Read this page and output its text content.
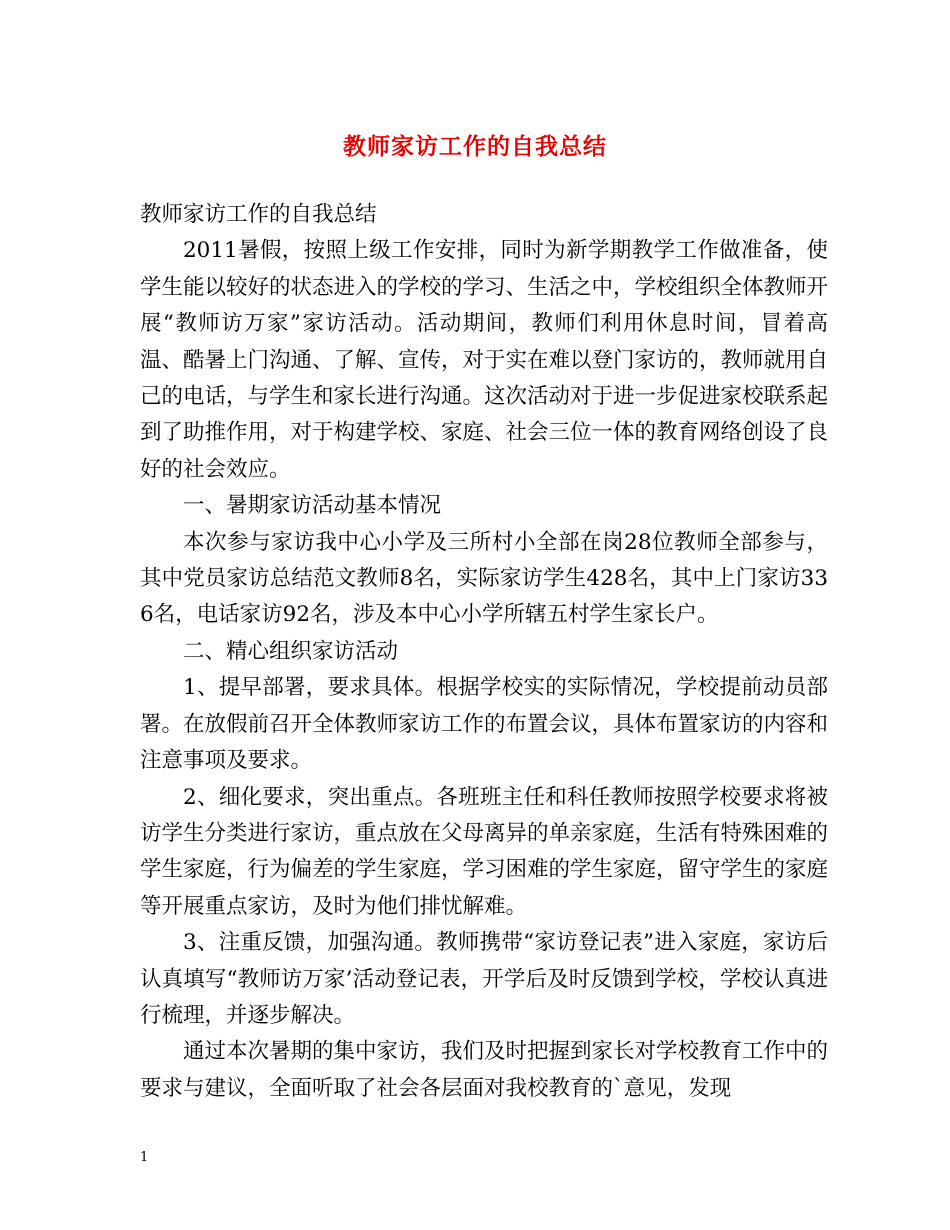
教师家访工作的自我总结

教师家访工作的自我总结

2011暑假，按照上级工作安排，同时为新学期教学工作做准备，使学生能以较好的状态进入的学校的学习、生活之中，学校组织全体教师开展“教师访万家”家访活动。活动期间，教师们利用休息时间，冒着高温、酷暑上门沟通、了解、宣传，对于实在难以登门家访的，教师就用自己的电话，与学生和家长进行沟通。这次活动对于进一步促进家校联系起到了助推作用，对于构建学校、家庭、社会三位一体的教育网络创设了良好的社会效应。

一、暑期家访活动基本情况

本次参与家访我中心小学及三所村小全部在岗28位教师全部参与，其中党员家访总结范文教师8名，实际家访学生428名，其中上门家访336名，电话家访92名，涉及本中心小学所辖五村学生家长户。

二、精心组织家访活动

1、提早部署，要求具体。根据学校实的实际情况，学校提前动员部署。在放假前召开全体教师家访工作的布置会议，具体布置家访的内容和注意事项及要求。

2、细化要求，突出重点。各班班主任和科任教师按照学校要求将被访学生分类进行家访，重点放在父母离异的单亲家庭，生活有特殊困难的学生家庭，行为偏差的学生家庭，学习困难的学生家庭，留守学生的家庭等开展重点家访，及时为他们排忧解难。

3、注重反馈，加强沟通。教师携带“家访登记表”进入家庭，家访后认真填写“教师访万家’活动登记表，开学后及时反馈到学校，学校认真进行梳理，并逐步解决。

通过本次暑期的集中家访，我们及时把握到家长对学校教育工作中的要求与建议，全面听取了社会各层面对我校教育的`意见，发现

1
